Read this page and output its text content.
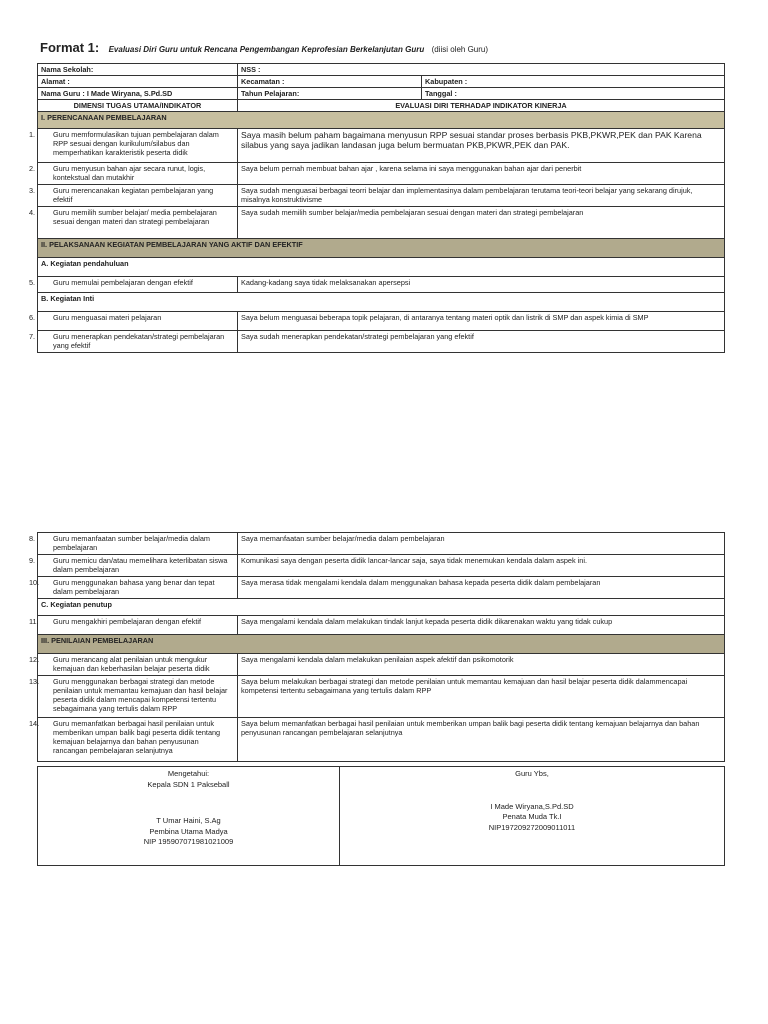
Format 1: Evaluasi Diri Guru untuk Rencana Pengembangan Keprofesian Berkelanjutan Guru (diisi oleh Guru)
Nama Sekolah:	NSS :	
Alamat :	Kecamatan :	Kabupaten :
Nama Guru : I Made Wiryana, S.Pd.SD	Tahun Pelajaran:	Tanggal :
DIMENSI TUGAS UTAMA/INDIKATOR	EVALUASI DIRI TERHADAP INDIKATOR KINERJA	
I. PERENCANAAN PEMBELAJARAN		
1. Guru memformulasikan tujuan pembelajaran dalam RPP sesuai dengan kurikulum/silabus dan memperhatikan karakteristik peserta didik	Saya masih belum paham bagaimana menyusun RPP sesuai standar proses berbasis PKB,PKWR,PEK dan PAK Karena silabus yang saya jadikan landasan juga belum bermuatan PKB,PKWR,PEK dan PAK.	
2. Guru menyusun bahan ajar secara runut, logis, kontekstual dan mutakhir	Saya belum pernah membuat bahan ajar , karena selama ini saya menggunakan bahan ajar dari penerbit	
3. Guru merencanakan kegiatan pembelajaran yang efektif	Saya sudah menguasai berbagai teorri belajar dan implementasinya dalam pembelajaran terutama teori-teori belajar yang sekarang dirujuk, misalnya konstruktivisme	
4. Guru memilih sumber belajar/ media pembelajaran sesuai dengan materi dan strategi pembelajaran	Saya sudah memilih sumber belajar/media pembelajaran sesuai dengan materi dan strategi pembelajaran	
II. PELAKSANAAN KEGIATAN PEMBELAJARAN YANG AKTIF DAN EFEKTIF		
A. Kegiatan pendahuluan		
5. Guru memulai pembelajaran dengan efektif	Kadang-kadang saya tidak melaksanakan apersepsi	
B. Kegiatan Inti		
6. Guru menguasai materi pelajaran	Saya belum menguasai beberapa topik pelajaran, di antaranya tentang materi optik dan listrik di SMP dan aspek kimia di SMP	
7. Guru menerapkan pendekatan/strategi pembelajaran yang efektif	Saya sudah menerapkan pendekatan/strategi pembelajaran yang efektif	
8. Guru memanfaatan sumber belajar/media dalam pembelajaran	Saya memanfaatan sumber belajar/media dalam pembelajaran
9. Guru memicu dan/atau memelihara keterlibatan siswa dalam pembelajaran	Komunikasi saya dengan peserta didik lancar-lancar saja, saya tidak menemukan kendala dalam aspek ini.
10. Guru menggunakan bahasa yang benar dan tepat dalam pembelajaran	Saya merasa tidak mengalami kendala dalam menggunakan bahasa kepada peserta didik dalam pembelajaran
C. Kegiatan penutup	
11. Guru mengakhiri pembelajaran dengan efektif	Saya mengalami kendala dalam melakukan tindak lanjut kepada peserta didik dikarenakan waktu yang tidak cukup
III. PENILAIAN PEMBELAJARAN	
12. Guru merancang alat penilaian untuk mengukur kemajuan dan keberhasilan belajar peserta didik	Saya mengalami kendala dalam melakukan penilaian aspek afektif dan psikomotorik
13. Guru menggunakan berbagai strategi dan metode penilaian untuk memantau kemajuan dan hasil belajar peserta didik dalam mencapai kompetensi tertentu sebagaimana yang tertulis dalam RPP	Saya belum melakukan berbagai strategi dan metode penilaian untuk memantau kemajuan dan hasil belajar peserta didik dalammencapai kompetensi tertentu sebagaimana yang tertulis dalam RPP
14. Guru memanfatkan berbagai hasil penilaian untuk memberikan umpan balik bagi peserta didik tentang kemajuan belajarnya dan bahan penyusunan rancangan pembelajaran selanjutnya	Saya belum memanfatkan berbagai hasil penilaian untuk memberikan umpan balik bagi peserta didik tentang kemajuan belajarnya dan bahan penyusunan rancangan pembelajaran selanjutnya
Mengetahui:
Kepala SDN 1 Pakseball
T Umar Haini, S.Ag
Pembina Utama Madya
NIP 195907071981021009

Guru Ybs,
I Made Wiryana,S.Pd.SD
Penata Muda Tk.I
NIP197209272009011011
